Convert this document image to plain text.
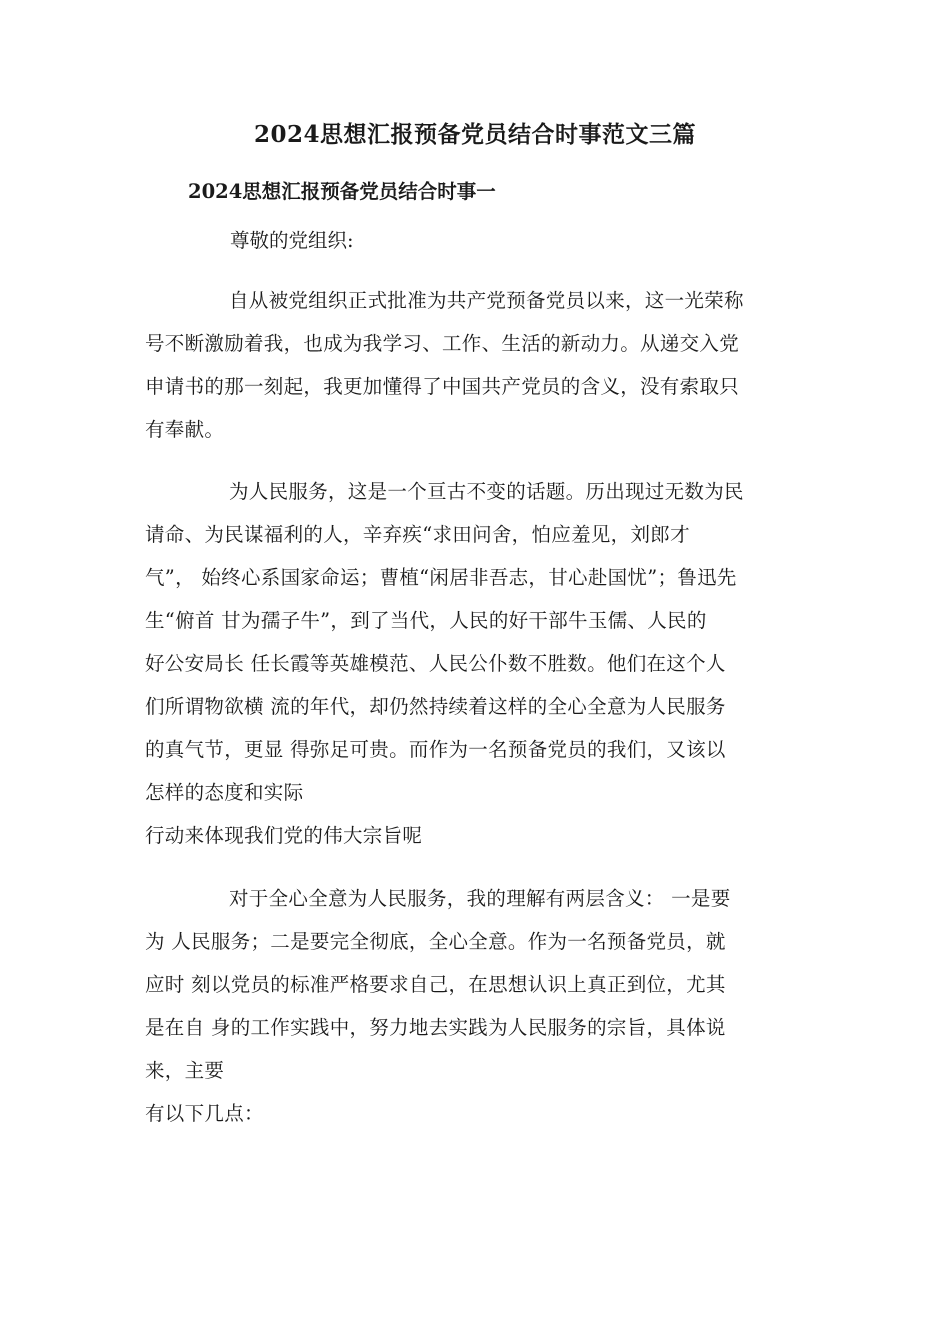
2024思想汇报预备党员结合时事范文三篇
2024思想汇报预备党员结合时事一
尊敬的党组织:
自从被党组织正式批准为共产党预备党员以来，这一光荣称
号不断激励着我，也成为我学习、工作、生活的新动力。从递交入党
申请书的那一刻起，我更加懂得了中国共产党员的含义，没有索取只
有奉献。
为人民服务，这是一个亘古不变的话题。历出现过无数为民
请命、为民谋福利的人，辛弃疾“求田问舍，怕应羞见，刘郎才
气”， 始终心系国家命运；曹植“闲居非吾志，甘心赴国忧”；鲁迅先
生“俯首 甘为孺子牛”，到了当代，人民的好干部牛玉儒、人民的
好公安局长 任长霞等英雄模范、人民公仆数不胜数。他们在这个人
们所谓物欲横 流的年代，却仍然持续着这样的全心全意为人民服务
的真气节，更显 得弥足可贵。而作为一名预备党员的我们，又该以
怎样的态度和实际
行动来体现我们党的伟大宗旨呢
对于全心全意为人民服务，我的理解有两层含义： 一是要
为 人民服务；二是要完全彻底，全心全意。作为一名预备党员，就
应时 刻以党员的标准严格要求自己，在思想认识上真正到位，尤其
是在自 身的工作实践中，努力地去实践为人民服务的宗旨，具体说
来，主要
有以下几点：
